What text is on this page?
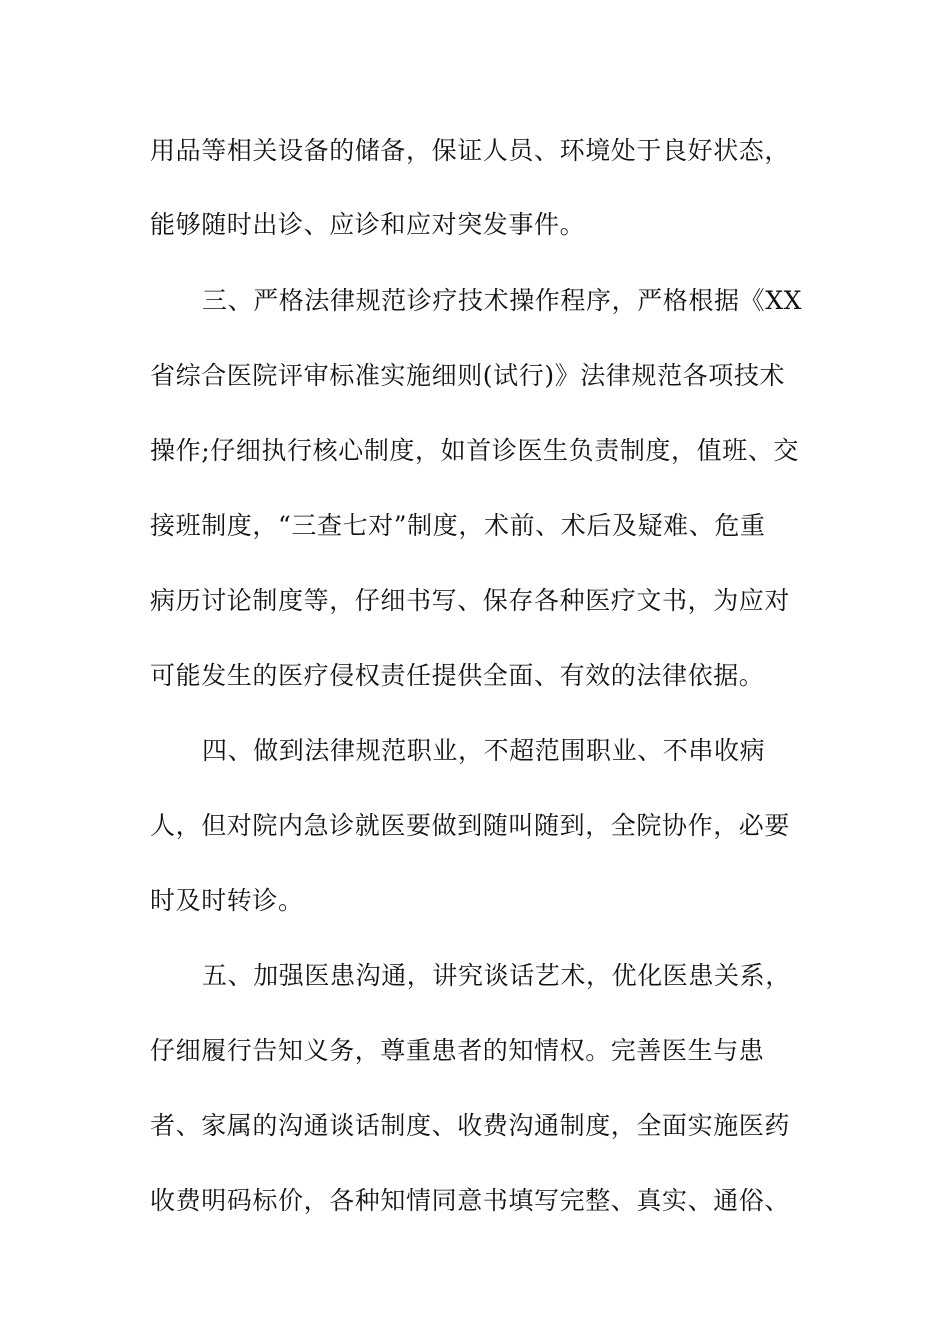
用品等相关设备的储备，保证人员、环境处于良好状态，
能够随时出诊、应诊和应对突发事件。
三、严格法律规范诊疗技术操作程序，严格根据《XX
省综合医院评审标准实施细则(试行)》法律规范各项技术
操作;仔细执行核心制度，如首诊医生负责制度，值班、交
接班制度，“三查七对”制度，术前、术后及疑难、危重
病历讨论制度等，仔细书写、保存各种医疗文书，为应对
可能发生的医疗侵权责任提供全面、有效的法律依据。
四、做到法律规范职业，不超范围职业、不串收病
人，但对院内急诊就医要做到随叫随到，全院协作，必要
时及时转诊。
五、加强医患沟通，讲究谈话艺术，优化医患关系，
仔细履行告知义务，尊重患者的知情权。完善医生与患
者、家属的沟通谈话制度、收费沟通制度，全面实施医药
收费明码标价，各种知情同意书填写完整、真实、通俗、
